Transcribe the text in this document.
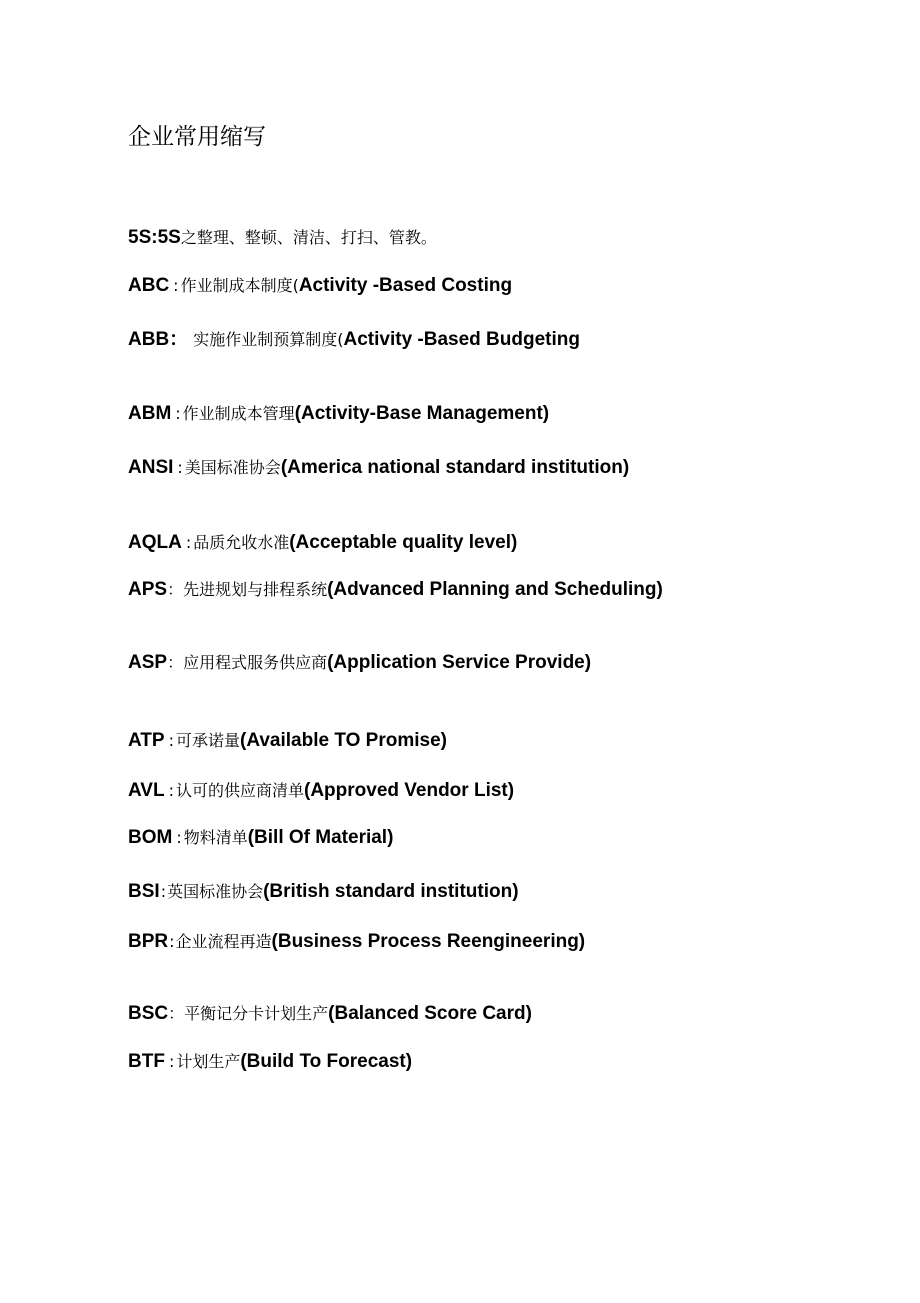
企业常用缩写
5S:5S之整理、整顿、清洁、打扫、管教。
ABC : 作业制成本制度(Activity -Based Costing
ABB： 实施作业制预算制度(Activity -Based Budgeting
ABM : 作业制成本管理(Activity-Base Management)
ANSI : 美国标准协会(America national standard institution)
AQLA : 品质允收水准(Acceptable quality level)
APS：先进规划与排程系统(Advanced Planning and Scheduling)
ASP：应用程式服务供应商(Application Service Provide)
ATP : 可承诺量(Available TO Promise)
AVL : 认可的供应商清单(Approved Vendor List)
BOM : 物料清单(Bill Of Material)
BSI:英国标准协会(British standard institution)
BPR:企业流程再造(Business Process Reengineering)
BSC：平衡记分卡计划生产(Balanced Score Card)
BTF : 计划生产(Build To Forecast)
